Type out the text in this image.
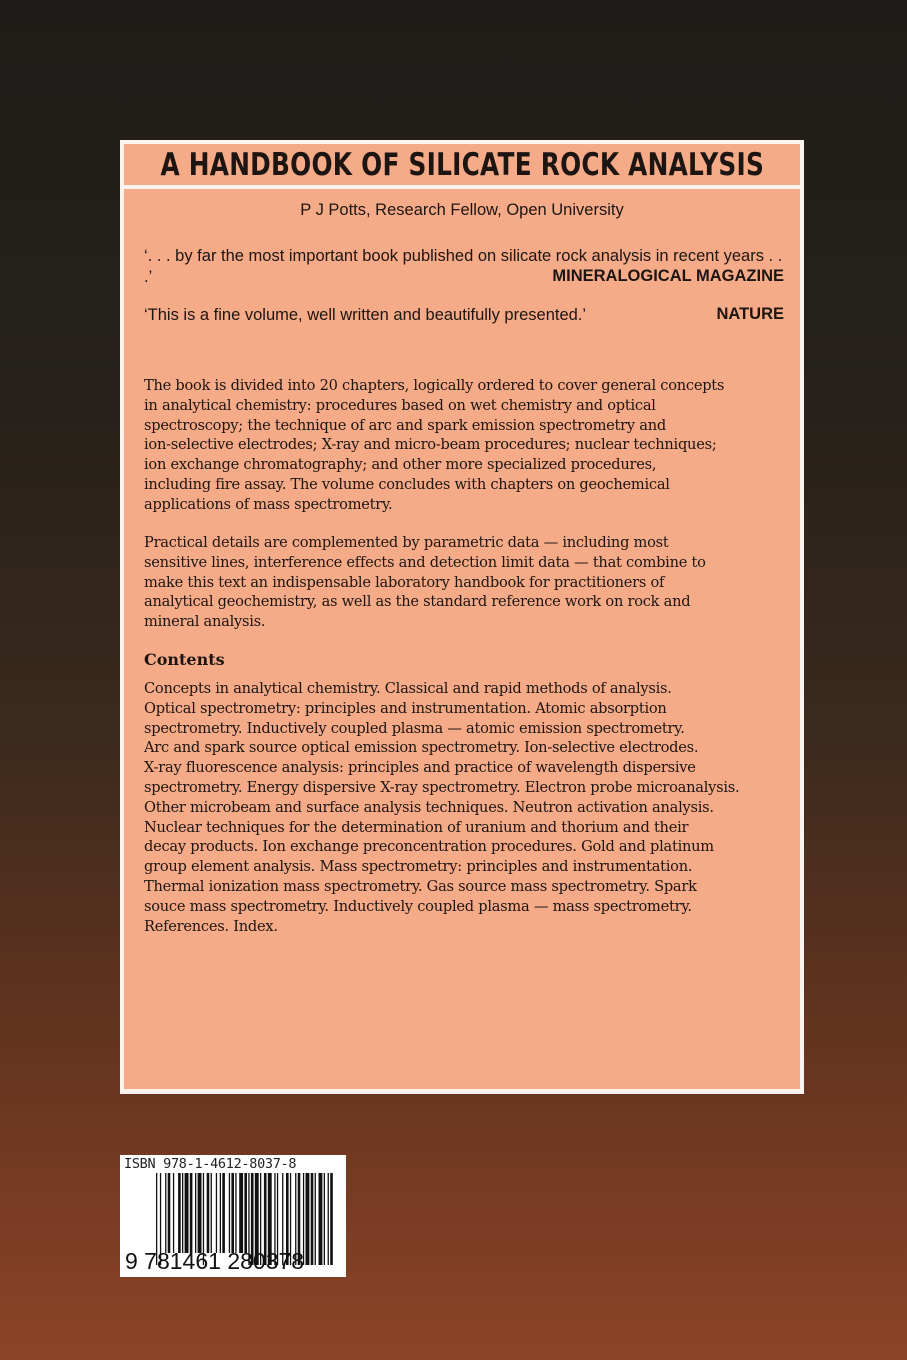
A HANDBOOK OF SILICATE ROCK ANALYSIS
P J Potts, Research Fellow, Open University
‘. . . by far the most important book published on silicate rock analysis in recent years . . .’	MINERALOGICAL MAGAZINE
‘This is a fine volume, well written and beautifully presented.’	NATURE
The book is divided into 20 chapters, logically ordered to cover general concepts
in analytical chemistry: procedures based on wet chemistry and optical
spectroscopy; the technique of arc and spark emission spectrometry and
ion-selective electrodes; X-ray and micro-beam procedures; nuclear techniques;
ion exchange chromatography; and other more specialized procedures,
including fire assay. The volume concludes with chapters on geochemical
applications of mass spectrometry.
Practical details are complemented by parametric data — including most
sensitive lines, interference effects and detection limit data — that combine to
make this text an indispensable laboratory handbook for practitioners of
analytical geochemistry, as well as the standard reference work on rock and
mineral analysis.
Contents
Concepts in analytical chemistry. Classical and rapid methods of analysis.
Optical spectrometry: principles and instrumentation. Atomic absorption
spectrometry. Inductively coupled plasma — atomic emission spectrometry.
Arc and spark source optical emission spectrometry. Ion-selective electrodes.
X-ray fluorescence analysis: principles and practice of wavelength dispersive
spectrometry. Energy dispersive X-ray spectrometry. Electron probe microanalysis.
Other microbeam and surface analysis techniques. Neutron activation analysis.
Nuclear techniques for the determination of uranium and thorium and their
decay products. Ion exchange preconcentration procedures. Gold and platinum
group element analysis. Mass spectrometry: principles and instrumentation.
Thermal ionization mass spectrometry. Gas source mass spectrometry. Spark
souce mass spectrometry. Inductively coupled plasma — mass spectrometry.
References. Index.
ISBN 978-1-4612-8037-8
9 781461 280378
